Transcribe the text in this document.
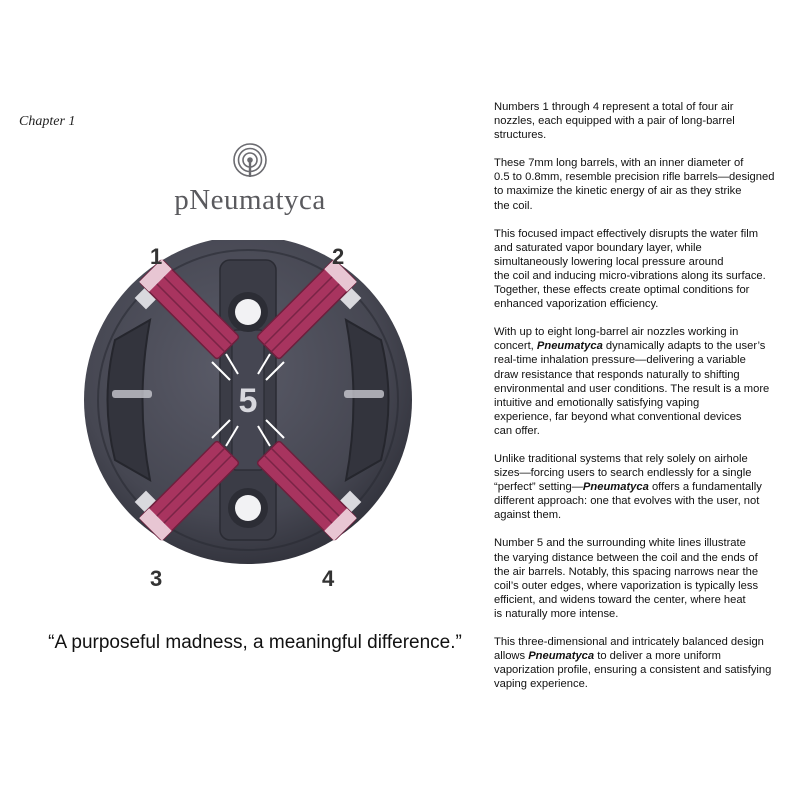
Chapter 1
pNeumatyca
5
1	2
3	4
“A purposeful madness, a meaningful difference.”

Numbers 1 through 4 represent a total of four air
nozzles, each equipped with a pair of long-barrel
structures.

These 7mm long barrels, with an inner diameter of
0.5 to 0.8mm, resemble precision rifle barrels—designed
to maximize the kinetic energy of air as they strike
the coil.

This focused impact effectively disrupts the water film
and saturated vapor boundary layer, while
simultaneously lowering local pressure around
the coil and inducing micro-vibrations along its surface.
Together, these effects create optimal conditions for
enhanced vaporization efficiency.

With up to eight long-barrel air nozzles working in
concert, Pneumatyca dynamically adapts to the user’s
real-time inhalation pressure—delivering a variable
draw resistance that responds naturally to shifting
environmental and user conditions. The result is a more
intuitive and emotionally satisfying vaping
experience, far beyond what conventional devices
can offer.

Unlike traditional systems that rely solely on airhole
sizes—forcing users to search endlessly for a single
“perfect” setting—Pneumatyca offers a fundamentally
different approach: one that evolves with the user, not
against them.

Number 5 and the surrounding white lines illustrate
the varying distance between the coil and the ends of
the air barrels. Notably, this spacing narrows near the
coil’s outer edges, where vaporization is typically less
efficient, and widens toward the center, where heat
is naturally more intense.

This three-dimensional and intricately balanced design
allows Pneumatyca to deliver a more uniform
vaporization profile, ensuring a consistent and satisfying
vaping experience.
